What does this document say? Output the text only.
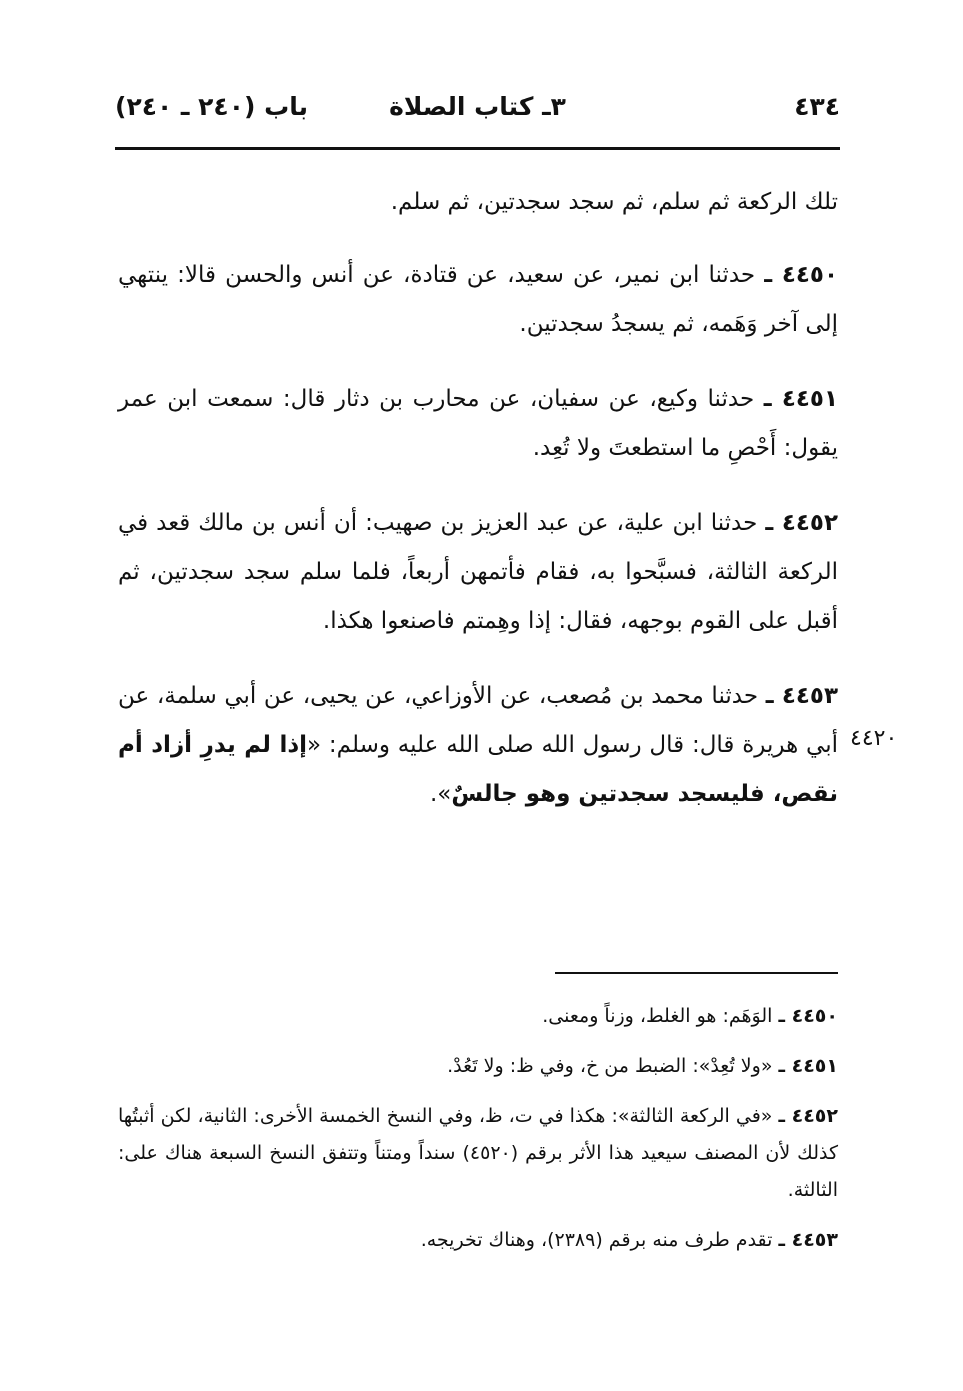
٤٣٤
٣ـ كتاب الصلاة
باب (٢٤٠ ـ ٢٤٠)
٤٤٢٠

تلك الركعة ثم سلم، ثم سجد سجدتين، ثم سلم.

٤٤٥٠ ـ حدثنا ابن نمير، عن سعيد، عن قتادة، عن أنس والحسن قالا: ينتهي إلى آخر وَهَمه، ثم يسجدُ سجدتين.

٤٤٥١ ـ حدثنا وكيع، عن سفيان، عن محارب بن دثار قال: سمعت ابن عمر يقول: أَحْصِ ما استطعتَ ولا تُعِد.

٤٤٥٢ ـ حدثنا ابن علية، عن عبد العزيز بن صهيب: أن أنس بن مالك قعد في الركعة الثالثة، فسبَّحوا به، فقام فأتمهن أربعاً، فلما سلم سجد سجدتين، ثم أقبل على القوم بوجهه، فقال: إذا وهِمتم فاصنعوا هكذا.

٤٤٥٣ ـ حدثنا محمد بن مُصعب، عن الأوزاعي، عن يحيى، عن أبي سلمة، عن أبي هريرة قال: قال رسول الله صلى الله عليه وسلم: «إذا لم يدرِ أزاد أم نقص، فليسجد سجدتين وهو جالسٌ».

٤٤٥٠ ـ الوَهَم: هو الغلط، وزناً ومعنى.

٤٤٥١ ـ «ولا تُعِدْ»: الضبط من خ، وفي ظ: ولا تَعُدْ.

٤٤٥٢ ـ «في الركعة الثالثة»: هكذا في ت، ظ، وفي النسخ الخمسة الأخرى: الثانية، لكن أثبتُها كذلك لأن المصنف سيعيد هذا الأثر برقم (٤٥٢٠) سنداً ومتناً وتتفق النسخ السبعة هناك على: الثالثة.

٤٤٥٣ ـ تقدم طرف منه برقم (٢٣٨٩)، وهناك تخريجه.
